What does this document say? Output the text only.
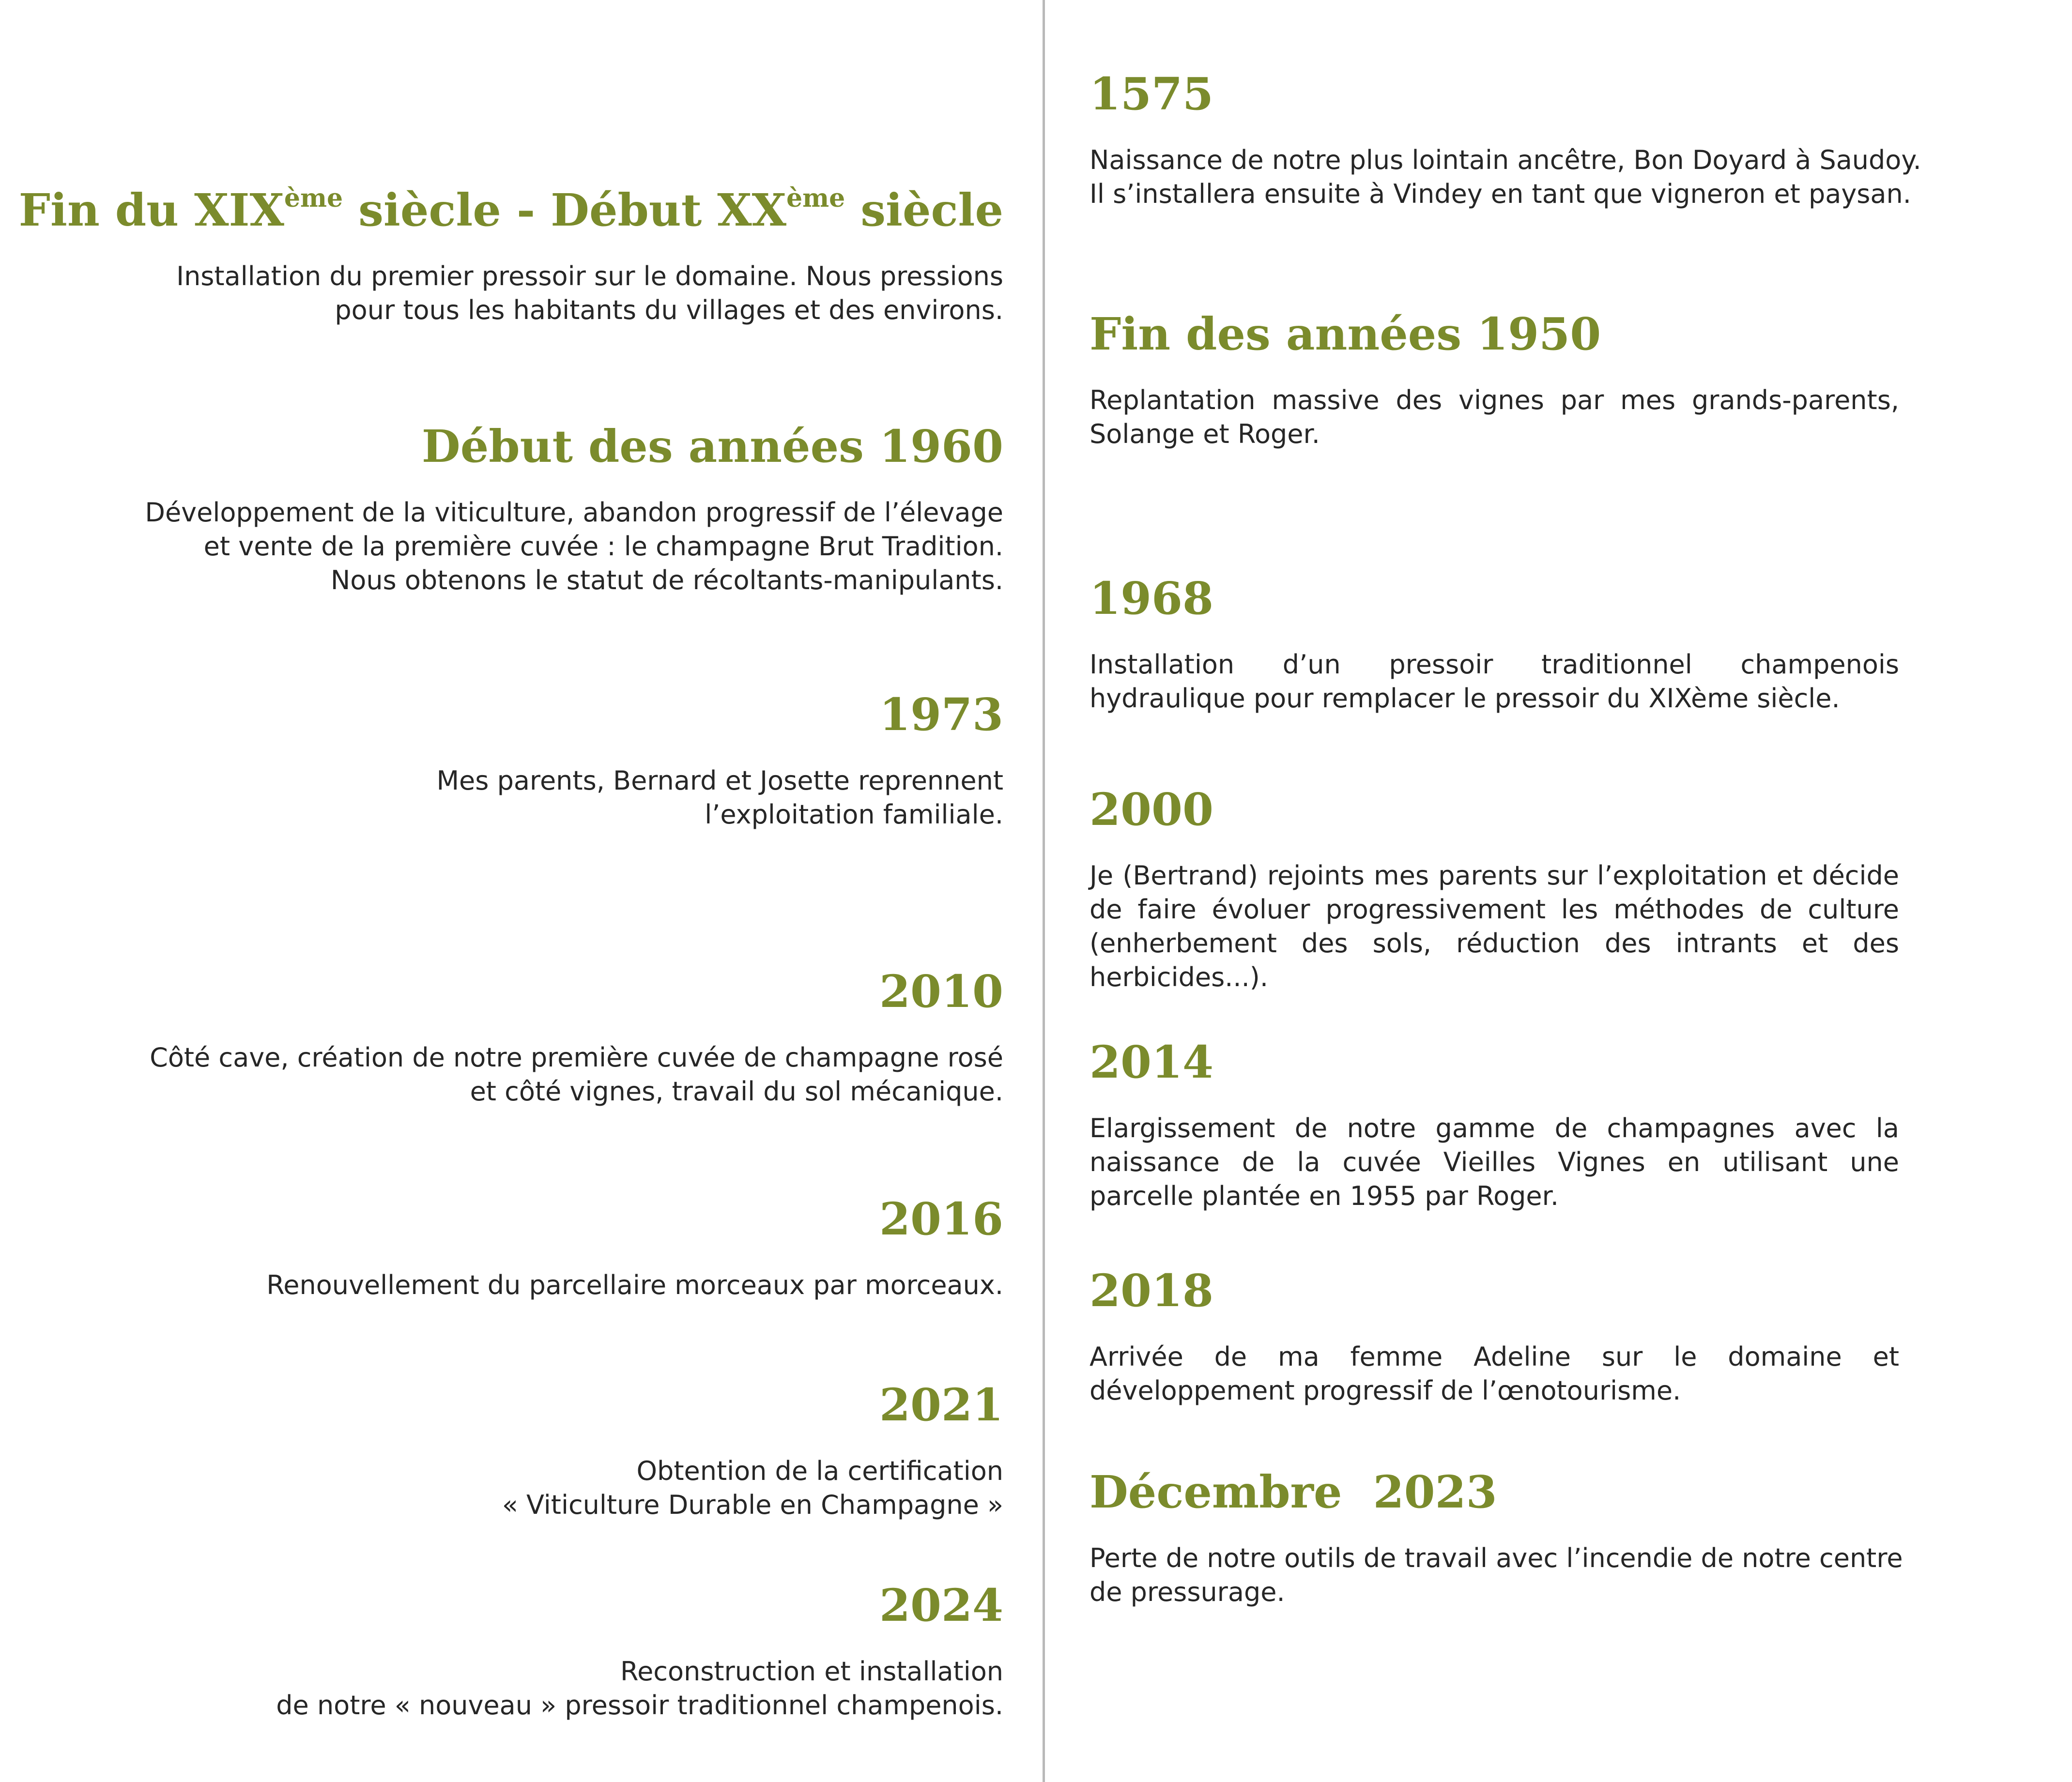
Fin du XIXème siècle - Début XXème siècle

Installation du premier pressoir sur le domaine. Nous pressions
pour tous les habitants du villages et des environs.

Début des années 1960

Développement de la viticulture, abandon progressif de l’élevage
et vente de la première cuvée : le champagne Brut Tradition.
Nous obtenons le statut de récoltants-manipulants.

1973

Mes parents, Bernard et Josette reprennent
l’exploitation familiale.

2010

Côté cave, création de notre première cuvée de champagne rosé
et côté vignes, travail du sol mécanique.

2016

Renouvellement du parcellaire morceaux par morceaux.

2021

Obtention de la certification
« Viticulture Durable en Champagne »

2024

Reconstruction et installation
de notre « nouveau » pressoir traditionnel champenois.

1575

Naissance de notre plus lointain ancêtre, Bon Doyard à Saudoy.
Il s’installera ensuite à Vindey en tant que vigneron et paysan.

Fin des années 1950

Replantation massive des vignes par mes grands-parents, Solange et Roger.

1968

Installation d’un pressoir traditionnel champenois hydraulique pour remplacer le pressoir du XIXème siècle.

2000

Je (Bertrand) rejoints mes parents sur l’exploitation et décide de faire évoluer progressivement les méthodes de culture (enherbement des sols, réduction des intrants et des herbicides...).

2014

Elargissement de notre gamme de champagnes avec la naissance de la cuvée Vieilles Vignes en utilisant une parcelle plantée en 1955 par Roger.

2018

Arrivée de ma femme Adeline sur le domaine et développement progressif de l’œnotourisme.

Décembre  2023

Perte de notre outils de travail avec l’incendie de notre centre
de pressurage.
